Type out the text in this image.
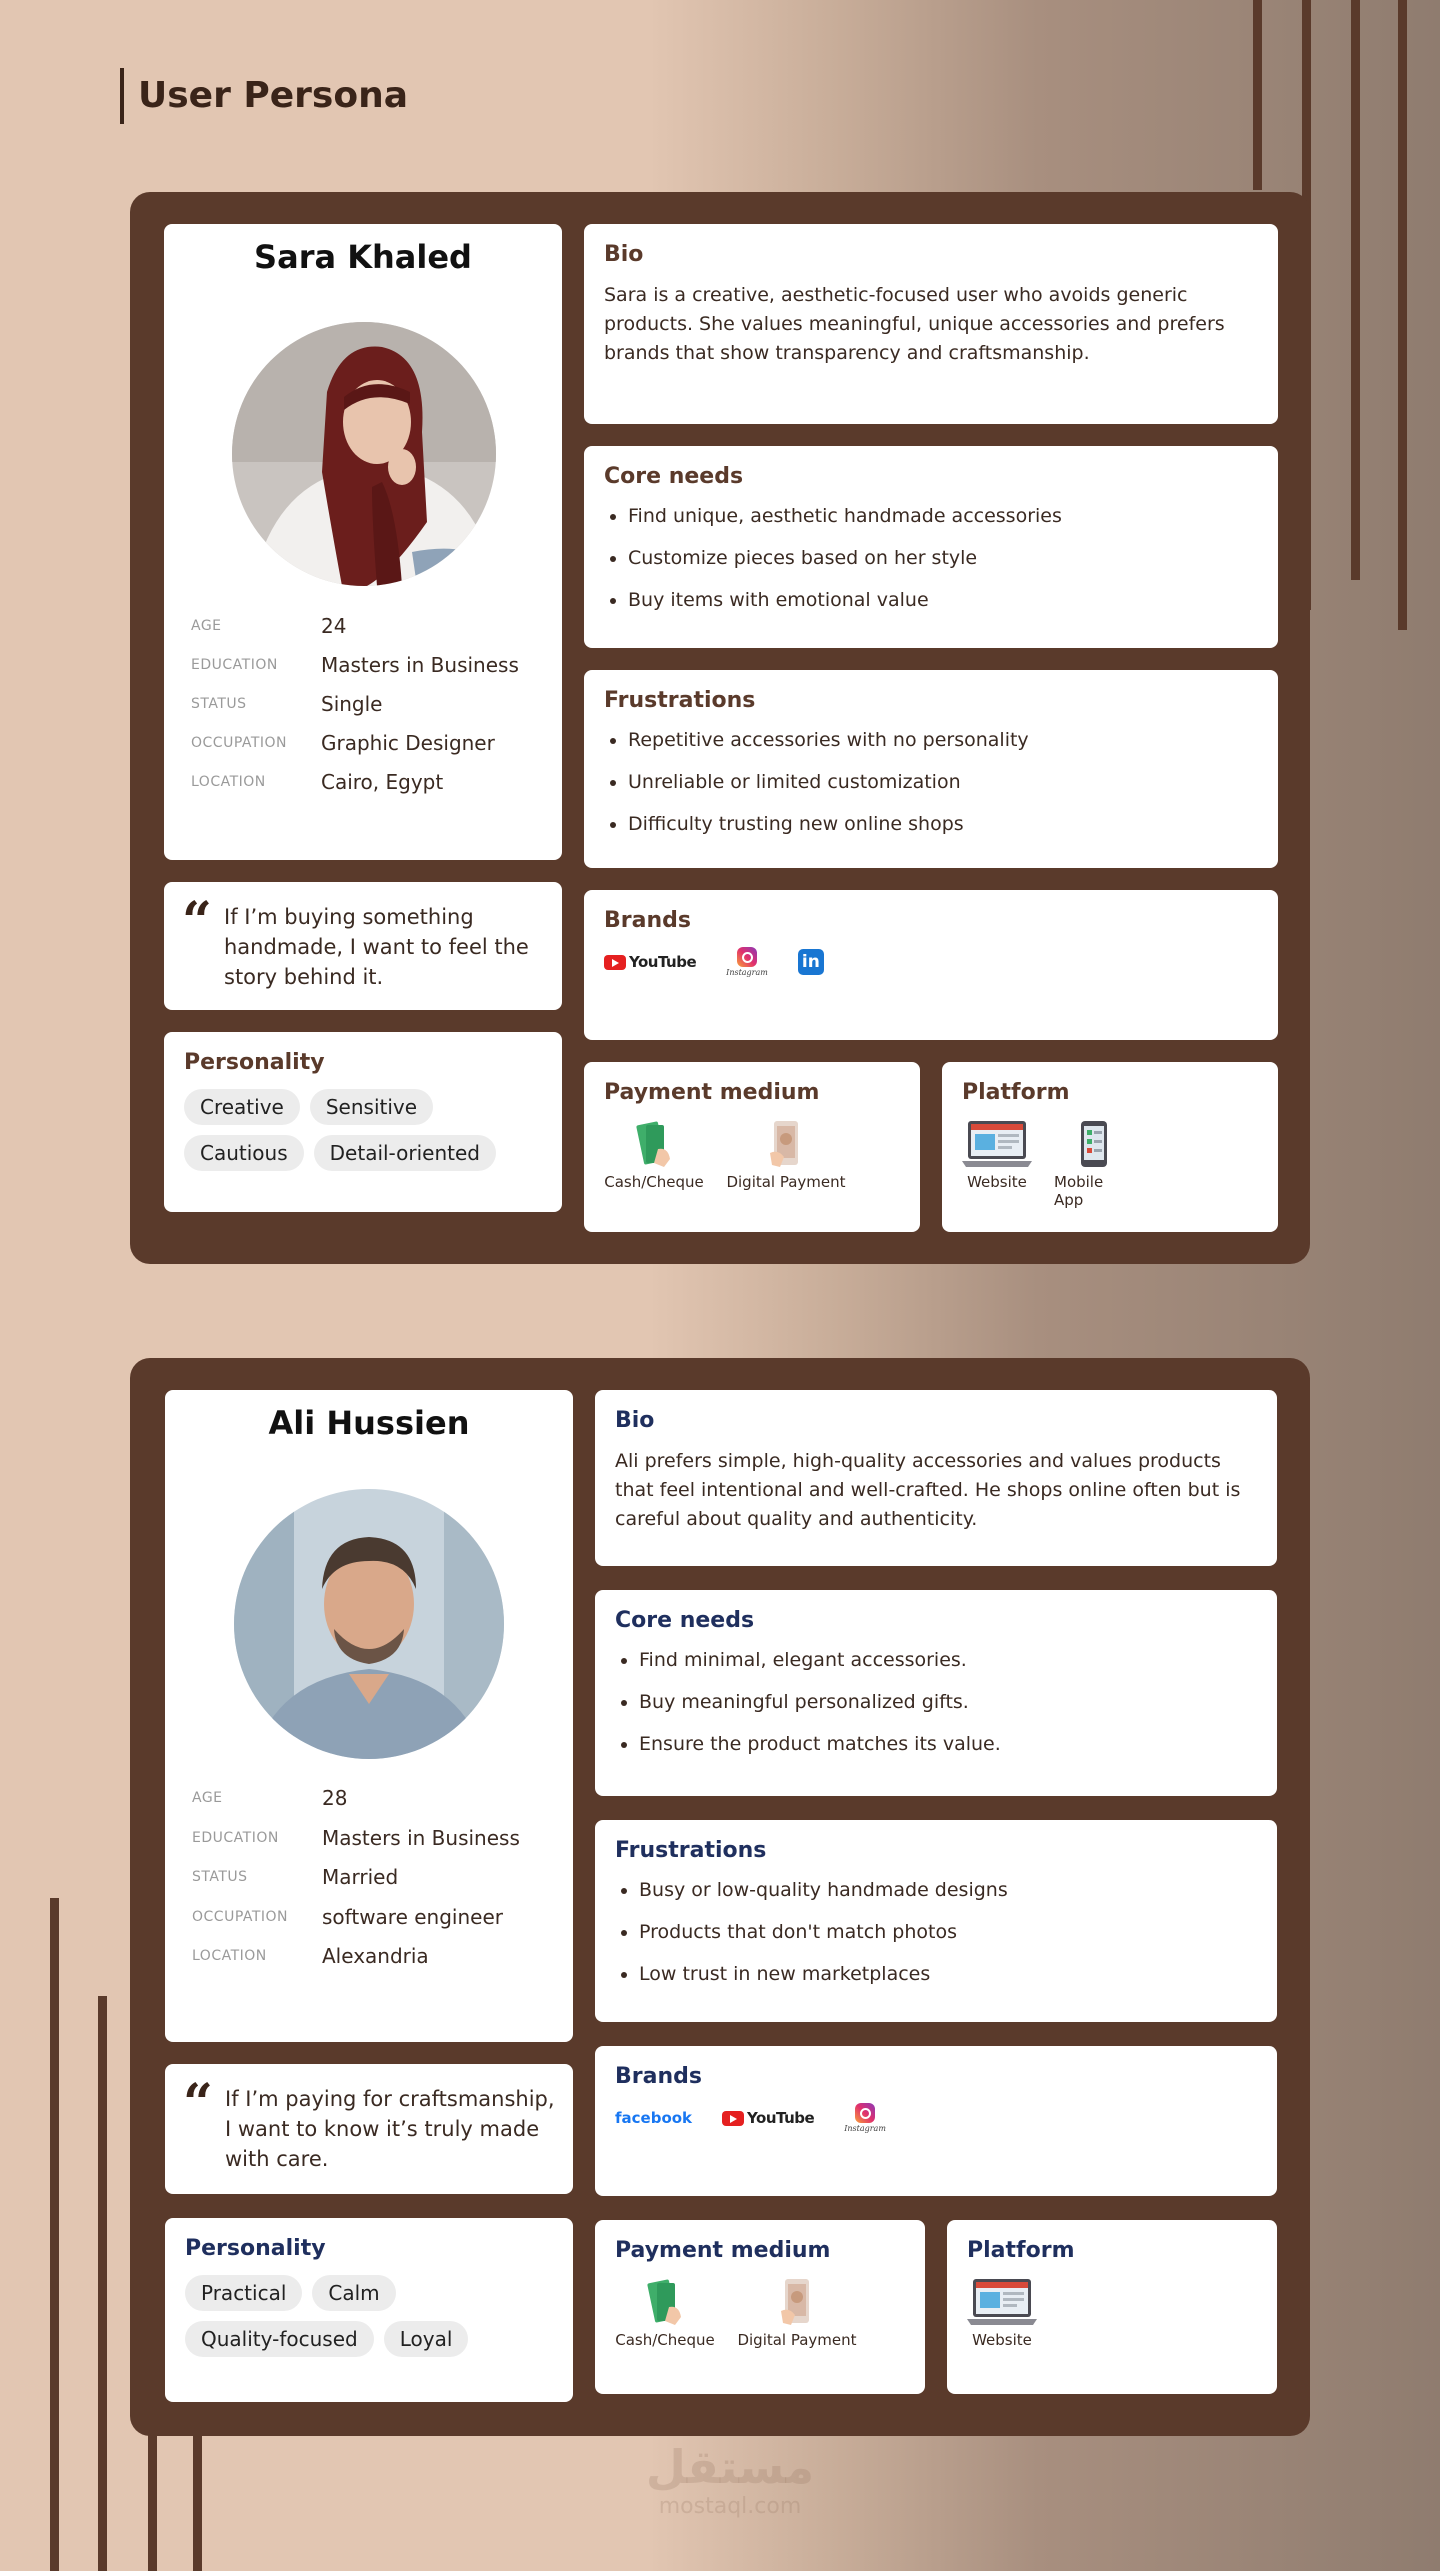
User Persona
Sara Khaled
AGE	24
EDUCATION	Masters in Business
STATUS	Single
OCCUPATION	Graphic Designer
LOCATION	Cairo, Egypt
“ If I’m buying something handmade, I want to feel the story behind it.
Personality
Creative	Sensitive
Cautious	Detail-oriented
Bio

Sara is a creative, aesthetic-focused user who avoids generic products. She values meaningful, unique accessories and prefers brands that show transparency and craftsmanship.

Core needs
• Find unique, aesthetic handmade accessories
• Customize pieces based on her style
• Buy items with emotional value
Frustrations
• Repetitive accessories with no personality
• Unreliable or limited customization
• Difficulty trusting new online shops
Brands
YouTube
Instagram
in
Payment medium
Cash/Cheque Digital Payment
Platform
Website Mobile App
Ali Hussien
AGE	28
EDUCATION	Masters in Business
STATUS	Married
OCCUPATION	software engineer
LOCATION	Alexandria
“ If I’m paying for craftsmanship, I want to know it’s truly made with care.
Personality
Practical	Calm
Quality-focused	Loyal
Bio

Ali prefers simple, high-quality accessories and values products that feel intentional and well-crafted. He shops online often but is careful about quality and authenticity.

Core needs
• Find minimal, elegant accessories.
• Buy meaningful personalized gifts.
• Ensure the product matches its value.
Frustrations
• Busy or low-quality handmade designs
• Products that don't match photos
• Low trust in new marketplaces
Brands
facebook	YouTube
Instagram
Payment medium
Cash/Cheque Digital Payment
Platform
Website
مستقل
mostaql.com
